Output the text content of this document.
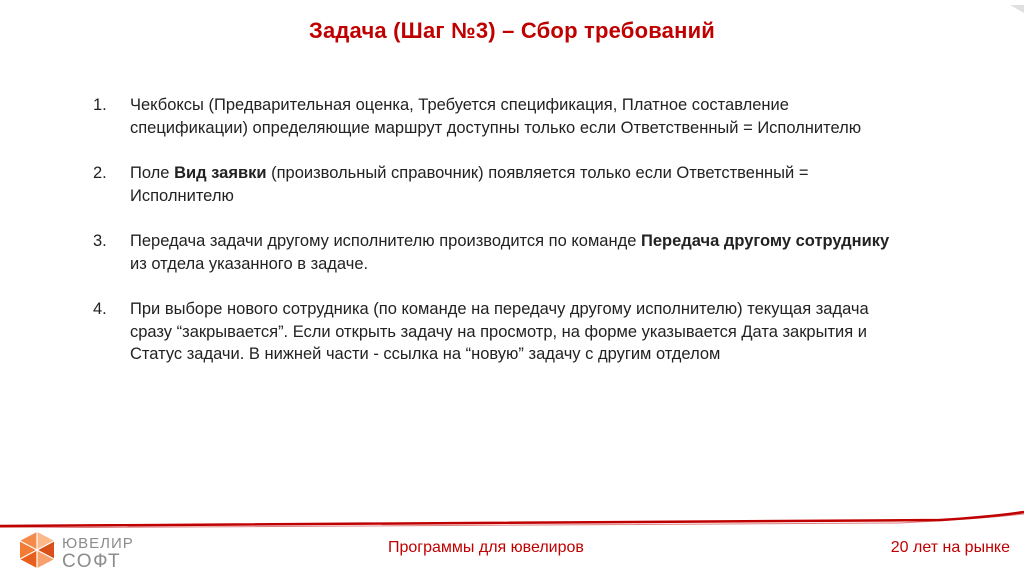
Задача (Шаг №3) – Сбор требований
1.	Чекбоксы (Предварительная оценка, Требуется спецификация, Платное составление спецификации) определяющие маршрут доступны только если Ответственный = Исполнителю
2.	Поле Вид заявки (произвольный справочник) появляется только если Ответственный = Исполнителю
3.	Передача задачи другому исполнителю производится по команде Передача другому сотруднику из отдела указанного в задаче.
4.	При выборе нового сотрудника (по команде на передачу другому исполнителю) текущая задача сразу “закрывается”. Если открыть задачу на просмотр, на форме указывается Дата закрытия и Статус задачи. В нижней части - ссылка на “новую” задачу с другим отделом
ЮВЕЛИР
СОФТ
Программы для ювелиров	20 лет на рынке
